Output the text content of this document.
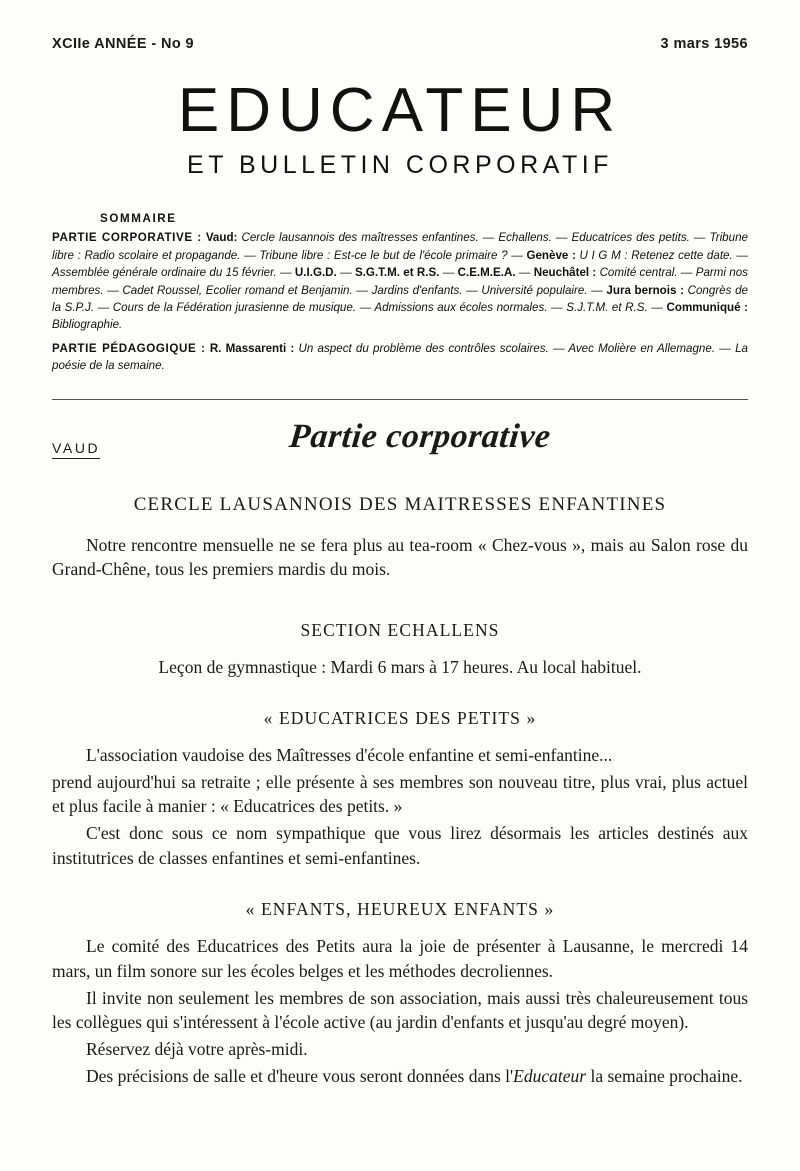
XCIIe ANNÉE - No 9	3 mars 1956
EDUCATEUR
ET BULLETIN CORPORATIF
SOMMAIRE

PARTIE CORPORATIVE : Vaud: Cercle lausannois des maîtresses enfantines. — Echallens. — Educatrices des petits. — Tribune libre : Radio scolaire et propagande. — Tribune libre : Est-ce le but de l'école primaire ? — Genève : U I G M : Retenez cette date. — Assemblée générale ordinaire du 15 février. — U.I.G.D. — S.G.T.M. et R.S. — C.E.M.E.A. — Neuchâtel : Comité central. — Parmi nos membres. — Cadet Roussel, Ecolier romand et Benjamin. — Jardins d'enfants. — Université populaire. — Jura bernois : Congrès de la S.P.J. — Cours de la Fédération jurasienne de musique. — Admissions aux écoles normales. — S.J.T.M. et R.S. — Communiqué : Bibliographie.

PARTIE PÉDAGOGIQUE : R. Massarenti : Un aspect du problème des contrôles scolaires. — Avec Molière en Allemagne. — La poésie de la semaine.

VAUD	Partie corporative
CERCLE LAUSANNOIS DES MAITRESSES ENFANTINES

Notre rencontre mensuelle ne se fera plus au tea-room « Chez-vous », mais au Salon rose du Grand-Chêne, tous les premiers mardis du mois.

SECTION ECHALLENS

Leçon de gymnastique : Mardi 6 mars à 17 heures. Au local habituel.

« EDUCATRICES DES PETITS »

L'association vaudoise des Maîtresses d'école enfantine et semi-enfantine...

prend aujourd'hui sa retraite ; elle présente à ses membres son nouveau titre, plus vrai, plus actuel et plus facile à manier : « Educatrices des petits. »

C'est donc sous ce nom sympathique que vous lirez désormais les articles destinés aux institutrices de classes enfantines et semi-enfantines.

« ENFANTS, HEUREUX ENFANTS »

Le comité des Educatrices des Petits aura la joie de présenter à Lausanne, le mercredi 14 mars, un film sonore sur les écoles belges et les méthodes decroliennes.

Il invite non seulement les membres de son association, mais aussi très chaleureusement tous les collègues qui s'intéressent à l'école active (au jardin d'enfants et jusqu'au degré moyen).

Réservez déjà votre après-midi.

Des précisions de salle et d'heure vous seront données dans l'Educateur la semaine prochaine.
